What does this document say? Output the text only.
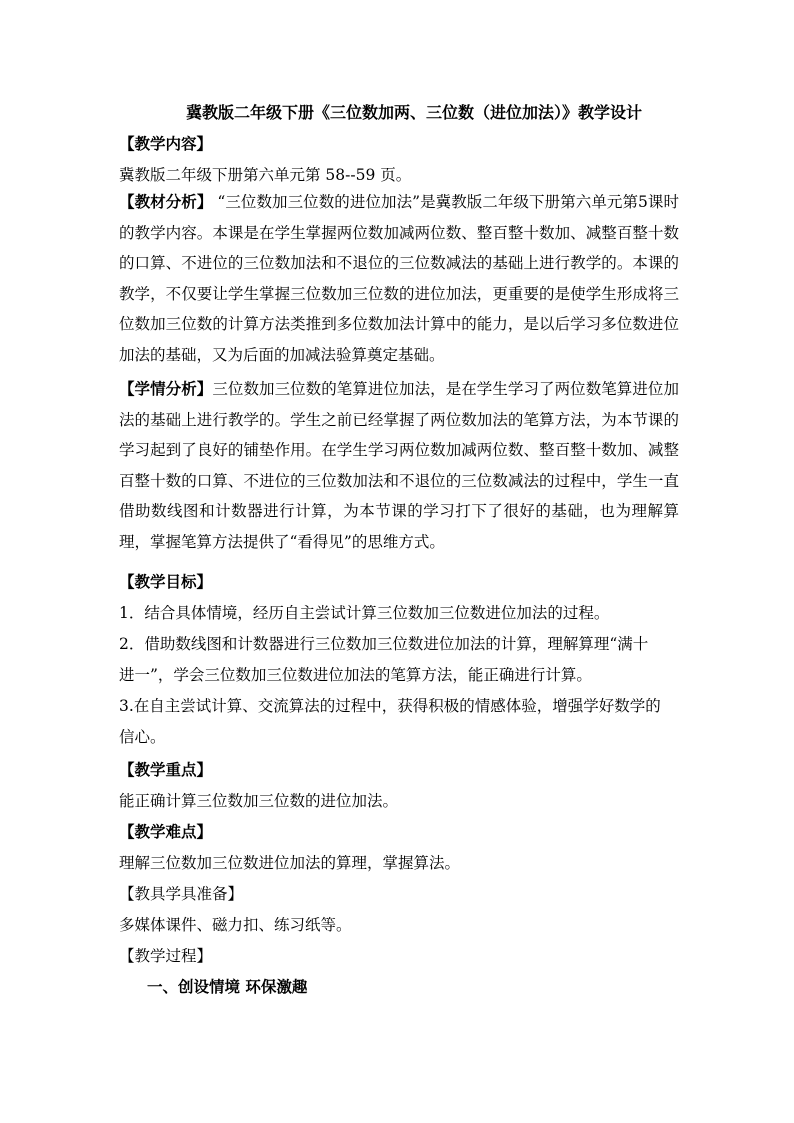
冀教版二年级下册《三位数加两、三位数（进位加法）》教学设计
【教学内容】
冀教版二年级下册第六单元第 58--59 页。
【教材分析】 “三位数加三位数的进位加法”是冀教版二年级下册第六单元第5课时的教学内容。本课是在学生掌握两位数加减两位数、整百整十数加、减整百整十数的口算、不进位的三位数加法和不退位的三位数减法的基础上进行教学的。本课的教学，不仅要让学生掌握三位数加三位数的进位加法，更重要的是使学生形成将三位数加三位数的计算方法类推到多位数加法计算中的能力，是以后学习多位数进位加法的基础，又为后面的加减法验算奠定基础。
【学情分析】三位数加三位数的笔算进位加法，是在学生学习了两位数笔算进位加法的基础上进行教学的。学生之前已经掌握了两位数加法的笔算方法，为本节课的学习起到了良好的铺垫作用。在学生学习两位数加减两位数、整百整十数加、减整百整十数的口算、不进位的三位数加法和不退位的三位数减法的过程中，学生一直借助数线图和计数器进行计算，为本节课的学习打下了很好的基础，也为理解算理，掌握笔算方法提供了“看得见”的思维方式。
【教学目标】
1．结合具体情境，经历自主尝试计算三位数加三位数进位加法的过程。
2．借助数线图和计数器进行三位数加三位数进位加法的计算，理解算理“满十
进一”，学会三位数加三位数进位加法的笔算方法，能正确进行计算。
3.在自主尝试计算、交流算法的过程中，获得积极的情感体验，增强学好数学的
信心。
【教学重点】
能正确计算三位数加三位数的进位加法。
【教学难点】
理解三位数加三位数进位加法的算理，掌握算法。
【教具学具准备】
多媒体课件、磁力扣、练习纸等。
【教学过程】
一、创设情境 环保激趣
